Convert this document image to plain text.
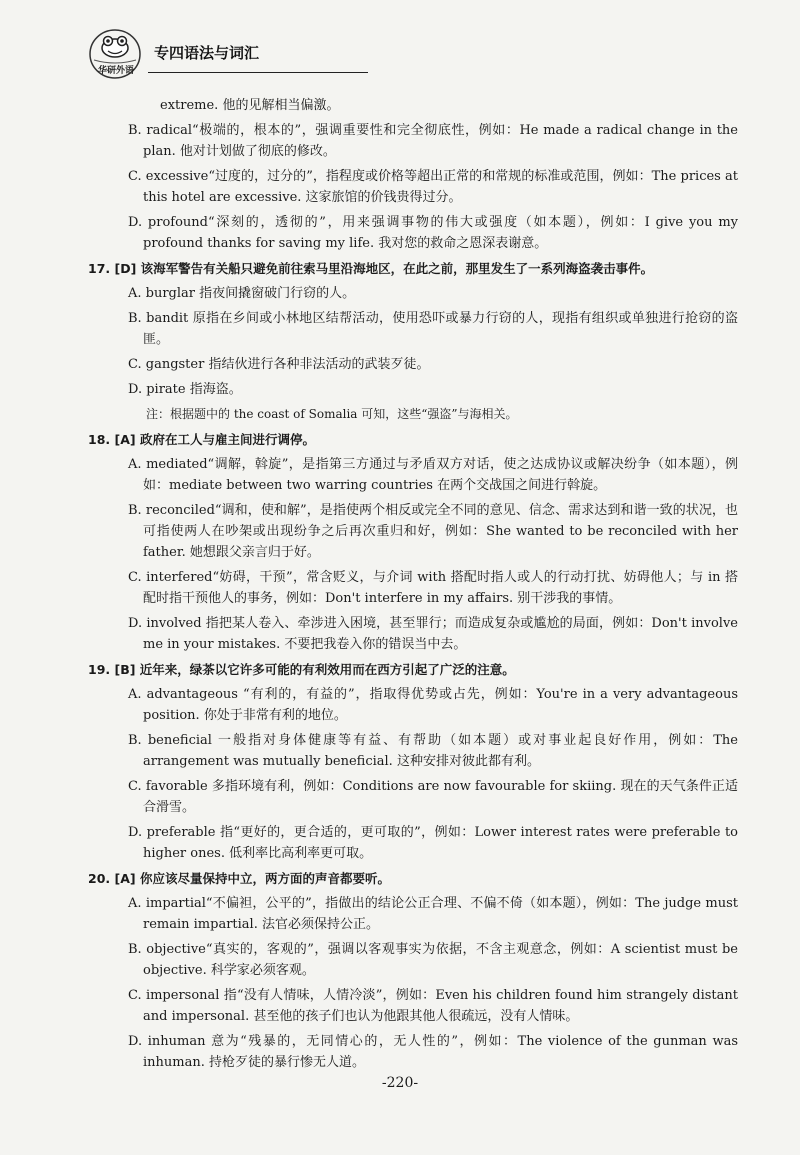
华研外语
专四语法与词汇
extreme. 他的见解相当偏激。
B. radical“极端的，根本的”，强调重要性和完全彻底性，例如：He made a radical change in the plan. 他对计划做了彻底的修改。
C. excessive“过度的，过分的”，指程度或价格等超出正常的和常规的标准或范围，例如：The prices at this hotel are excessive. 这家旅馆的价钱贵得过分。
D. profound“深刻的，透彻的”，用来强调事物的伟大或强度（如本题），例如：I give you my profound thanks for saving my life. 我对您的救命之恩深表谢意。
17. [D] 该海军警告有关船只避免前往索马里沿海地区，在此之前，那里发生了一系列海盗袭击事件。
A. burglar 指夜间撬窗破门行窃的人。
B. bandit 原指在乡间或小林地区结帮活动，使用恐吓或暴力行窃的人，现指有组织或单独进行抢窃的盗匪。
C. gangster 指结伙进行各种非法活动的武装歹徒。
D. pirate 指海盗。
注：根据题中的 the coast of Somalia 可知，这些“强盗”与海相关。
18. [A] 政府在工人与雇主间进行调停。
A. mediated“调解，斡旋”，是指第三方通过与矛盾双方对话，使之达成协议或解决纷争（如本题），例如：mediate between two warring countries 在两个交战国之间进行斡旋。
B. reconciled“调和，使和解”，是指使两个相反或完全不同的意见、信念、需求达到和谐一致的状况，也可指使两人在吵架或出现纷争之后再次重归和好，例如：She wanted to be reconciled with her father. 她想跟父亲言归于好。
C. interfered“妨碍，干预”，常含贬义，与介词 with 搭配时指人或人的行动打扰、妨碍他人；与 in 搭配时指干预他人的事务，例如：Don't interfere in my affairs. 别干涉我的事情。
D. involved 指把某人卷入、牵涉进入困境，甚至罪行；而造成复杂或尴尬的局面，例如：Don't involve me in your mistakes. 不要把我卷入你的错误当中去。
19. [B] 近年来，绿茶以它许多可能的有利效用而在西方引起了广泛的注意。
A. advantageous “有利的，有益的”，指取得优势或占先，例如：You're in a very advantageous position. 你处于非常有利的地位。
B. beneficial 一般指对身体健康等有益、有帮助（如本题）或对事业起良好作用，例如：The arrangement was mutually beneficial. 这种安排对彼此都有利。
C. favorable 多指环境有利，例如：Conditions are now favourable for skiing. 现在的天气条件正适合滑雪。
D. preferable 指“更好的，更合适的，更可取的”，例如：Lower interest rates were preferable to higher ones. 低利率比高利率更可取。
20. [A] 你应该尽量保持中立，两方面的声音都要听。
A. impartial“不偏袒，公平的”，指做出的结论公正合理、不偏不倚（如本题），例如：The judge must remain impartial. 法官必须保持公正。
B. objective“真实的，客观的”，强调以客观事实为依据，不含主观意念，例如：A scientist must be objective. 科学家必须客观。
C. impersonal 指“没有人情味，人情冷淡”，例如：Even his children found him strangely distant and impersonal. 甚至他的孩子们也认为他跟其他人很疏远，没有人情味。
D. inhuman 意为“残暴的，无同情心的，无人性的”，例如：The violence of the gunman was inhuman. 持枪歹徒的暴行惨无人道。
-220-
